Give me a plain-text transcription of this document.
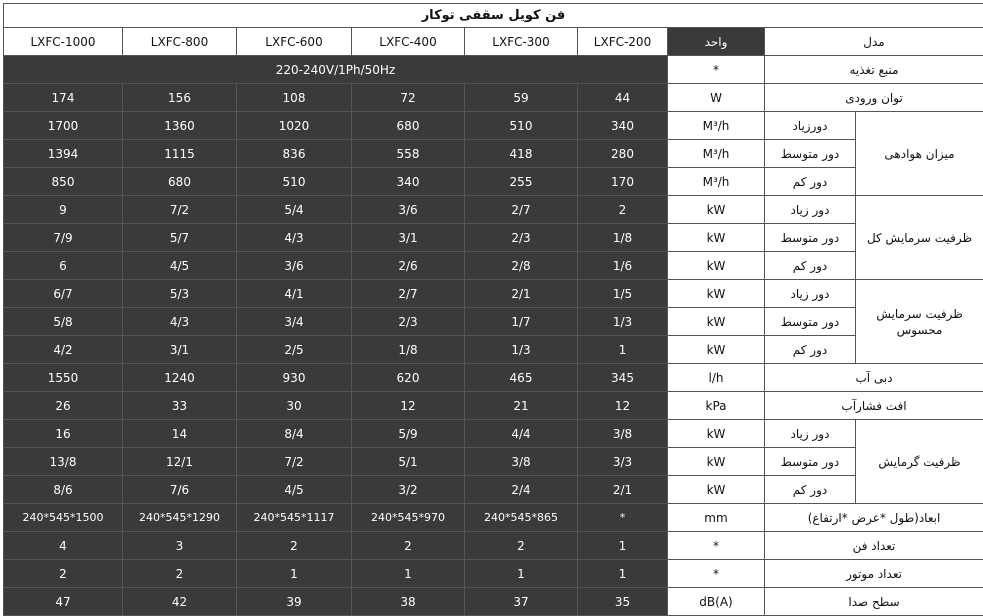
فن کویل سقفی توکار								
LXFC-1000	LXFC-800	LXFC-600	LXFC-400	LXFC-300	LXFC-200	واحد	مدل	
220-240V/1Ph/50Hz						*	منبع تغذیه	
174	156	108	72	59	44	W	توان ورودی	
1700	1360	1020	680	510	340	M³/h	دورزیاد	میزان هوادهی
1394	1115	836	558	418	280	M³/h	دور متوسط	
850	680	510	340	255	170	M³/h	دور کم	
9	7/2	5/4	3/6	2/7	2	kW	دور زیاد	ظرفیت سرمایش کل
7/9	5/7	4/3	3/1	2/3	1/8	kW	دور متوسط	
6	4/5	3/6	2/6	2/8	1/6	kW	دور کم	
6/7	5/3	4/1	2/7	2/1	1/5	kW	دور زیاد	ظرفیت سرمایش محسوس
5/8	4/3	3/4	2/3	1/7	1/3	kW	دور متوسط	
4/2	3/1	2/5	1/8	1/3	1	kW	دور کم	
1550	1240	930	620	465	345	l/h	دبی آب	
26	33	30	12	21	12	kPa	افت فشارآب	
16	14	8/4	5/9	4/4	3/8	kW	دور زیاد	ظرفیت گرمایش
13/8	12/1	7/2	5/1	3/8	3/3	kW	دور متوسط	
8/6	7/6	4/5	3/2	2/4	2/1	kW	دور کم	
240*545*1500	240*545*1290	240*545*1117	240*545*970	240*545*865	*	mm	ابعاد(طول *عرض *ارتفاع)	
4	3	2	2	2	1	*	تعداد فن	
2	2	1	1	1	1	*	تعداد موتور	
47	42	39	38	37	35	dB(A)	سطح صدا	
